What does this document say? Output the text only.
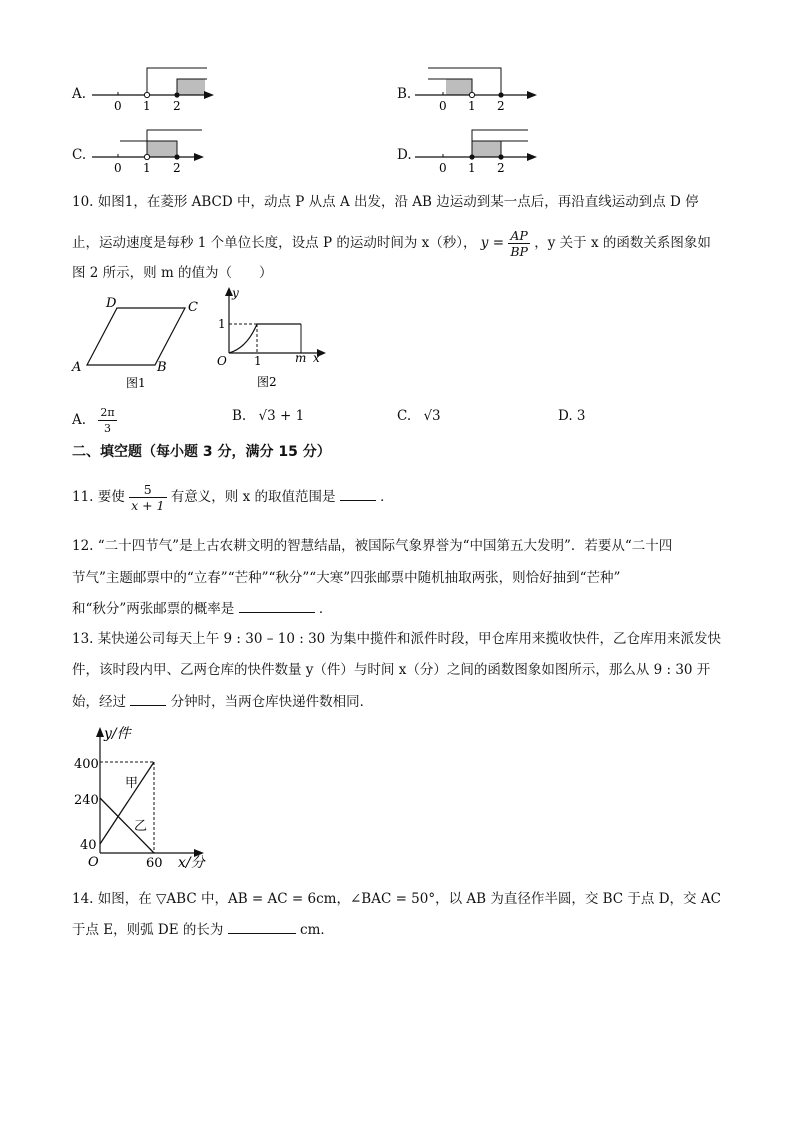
A.
0 1 2
B.
0 1 2
C.
0 1 2
D.
0 1 2
10. 如图1，在菱形 ABCD 中，动点 P 从点 A 出发，沿 AB 边运动到某一点后，再沿直线运动到点 D 停
止，运动速度是每秒 1 个单位长度，设点 P 的运动时间为 x（秒）， $y = \frac{AP}{BP}$ ，y 关于 x 的函数关系图象如
图 2 所示，则 m 的值为（　　）
D	C
A	B
图1
y
1
O 1	m x
图2
A. $\frac{2\pi}{3}$	B. √3 + 1	C. √3	D. 3
二、填空题（每小题 3 分，满分 15 分）
11. 要使 $\frac{5}{x + 1}$ 有意义，则 x 的取值范围是	．
12. “二十四节气”是上古农耕文明的智慧结晶，被国际气象界誉为“中国第五大发明”．若要从“二十四
节气”主题邮票中的“立春”“芒种”“秋分”“大寒”四张邮票中随机抽取两张，则恰好抽到“芒种”
和“秋分”两张邮票的概率是	．
13. 某快递公司每天上午 9 : 30 – 10 : 30 为集中揽件和派件时段，甲仓库用来揽收快件，乙仓库用来派发快
件，该时段内甲、乙两仓库的快件数量 y（件）与时间 x（分）之间的函数图象如图所示，那么从 9 : 30 开
始，经过	分钟时，当两仓库快递件数相同．
y/件
400
240
40
O	60 x/分
甲
乙
14. 如图，在 ▽ABC 中，AB = AC = 6cm，∠BAC = 50°，以 AB 为直径作半圆，交 BC 于点 D，交 AC
于点 E，则弧 DE 的长为	cm．
